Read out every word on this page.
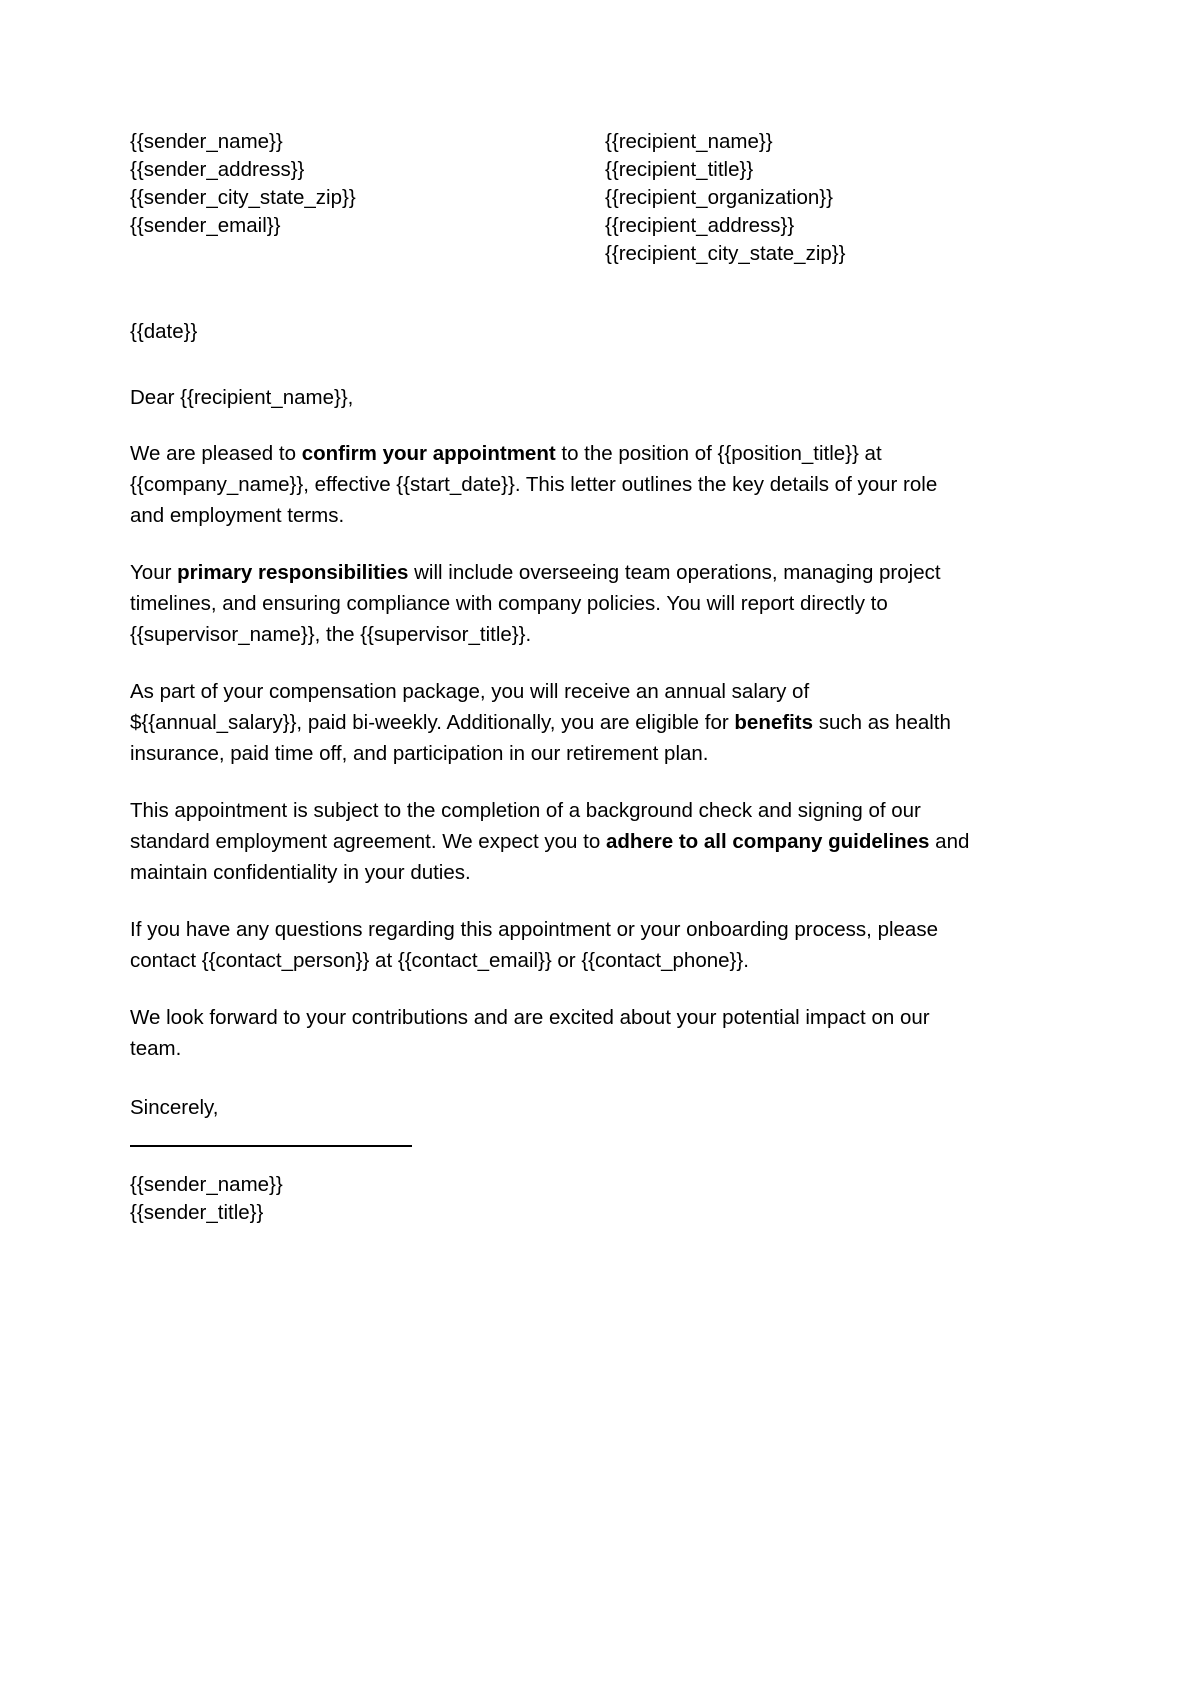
{{sender_name}}
{{sender_address}}
{{sender_city_state_zip}}
{{sender_email}}
{{recipient_name}}
{{recipient_title}}
{{recipient_organization}}
{{recipient_address}}
{{recipient_city_state_zip}}
{{date}}
Dear {{recipient_name}},

We are pleased to confirm your appointment to the position of {{position_title}} at {{company_name}}, effective {{start_date}}. This letter outlines the key details of your role and employment terms.

Your primary responsibilities will include overseeing team operations, managing project timelines, and ensuring compliance with company policies. You will report directly to {{supervisor_name}}, the {{supervisor_title}}.

As part of your compensation package, you will receive an annual salary of ${{annual_salary}}, paid bi-weekly. Additionally, you are eligible for benefits such as health insurance, paid time off, and participation in our retirement plan.

This appointment is subject to the completion of a background check and signing of our standard employment agreement. We expect you to adhere to all company guidelines and maintain confidentiality in your duties.

If you have any questions regarding this appointment or your onboarding process, please contact {{contact_person}} at {{contact_email}} or {{contact_phone}}.

We look forward to your contributions and are excited about your potential impact on our team.

Sincerely,
{{sender_name}}
{{sender_title}}
